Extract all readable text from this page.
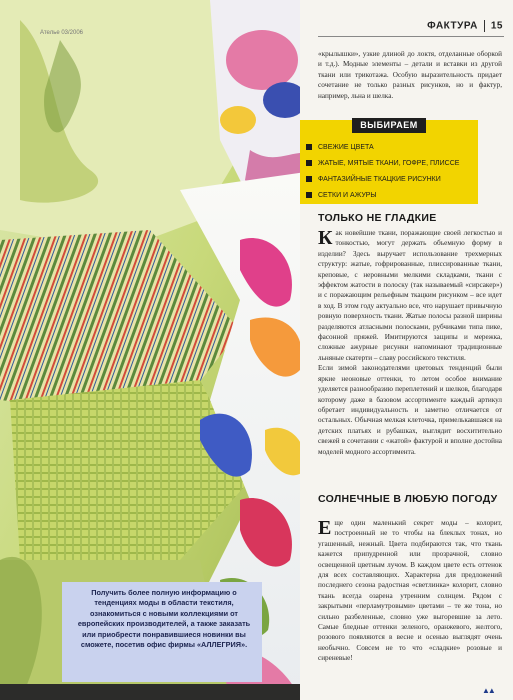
Ателье 03/2006
ФАКТУРА 15

«крылышки», узкие длиной до локтя, отделанные оборкой и т.д.). Модные элементы – детали и вставки из другой ткани или трикотажа. Особую выразительность придает сочетание не только разных рисунков, но и фактур, например, льна и шелка.

ВЫБИРАЕМ
СВЕЖИЕ ЦВЕТА
ЖАТЫЕ, МЯТЫЕ ТКАНИ, ГОФРЕ, ПЛИССЕ
ФАНТАЗИЙНЫЕ ТКАЦКИЕ РИСУНКИ
СЕТКИ И АЖУРЫ
ТОЛЬКО НЕ ГЛАДКИЕ

Как новейшие ткани, поражающие своей легкостью и тонкостью, могут держать объемную форму в изделии? Здесь выручает использование трехмерных структур: жатые, гофрированные, плиссированные ткани, креповые, с неровными мелкими складками, ткани с эффектом жатости в полоску (так называемый «сирсакер») и с поражающим рельефным ткацким рисунком – все идет в ход. В этом году актуально все, что нарушает привычную ровную поверхность ткани. Жатые полосы разной ширины разделяются атласными полосками, рубчиками типа пике, фасонной пряжей. Имитируются защипы и мережка, сложные ажурные рисунки напоминают традиционные льняные скатерти – славу российского текстиля.

Если зимой законодателями цветовых тенденций были яркие неоновые оттенки, то летом особое внимание уделяется разнообразию переплетений и шелков, благодаря которому даже в базовом ассортименте каждый артикул обретает индивидуальность и заметно отличается от остальных. Обычная мелкая клеточка, примелькавшаяся на детских платьях и рубашках, выглядит восхитительно свежей в сочетании с «жатой» фактурой и вполне достойна моделей модного ассортимента.

СОЛНЕЧНЫЕ В ЛЮБУЮ ПОГОДУ

Еще один маленький секрет моды – колорит, построенный не то чтобы на блеклых тонах, но угашенный, нежный. Цвета подбираются так, что ткань кажется припудренной или прозрачной, словно освещенной цветным лучом. В каждом цвете есть оттенок для всех составляющих. Характерна для предложений последнего сезона радостная «светлинка» колорит, словно ткань всегда озарена утренним солнцем. Рядом с закрытыми «перламутровыми» цветами – те же тона, но сильно разбеленные, словно уже выгоревшие за лето. Самые бледные оттенки зеленого, оранжевого, желтого, розового появляются в весне и осенью выглядят очень необычно. Совсем не то что «сладкие» розовые и сиреневые!

▲▲
Получить более полную информацию о тенденциях моды в области текстиля, ознакомиться с новыми коллекциями от европейских производителей, а также заказать или приобрести понравившиеся новинки вы сможете, посетив офис фирмы «АЛЛЕГРИЯ».
